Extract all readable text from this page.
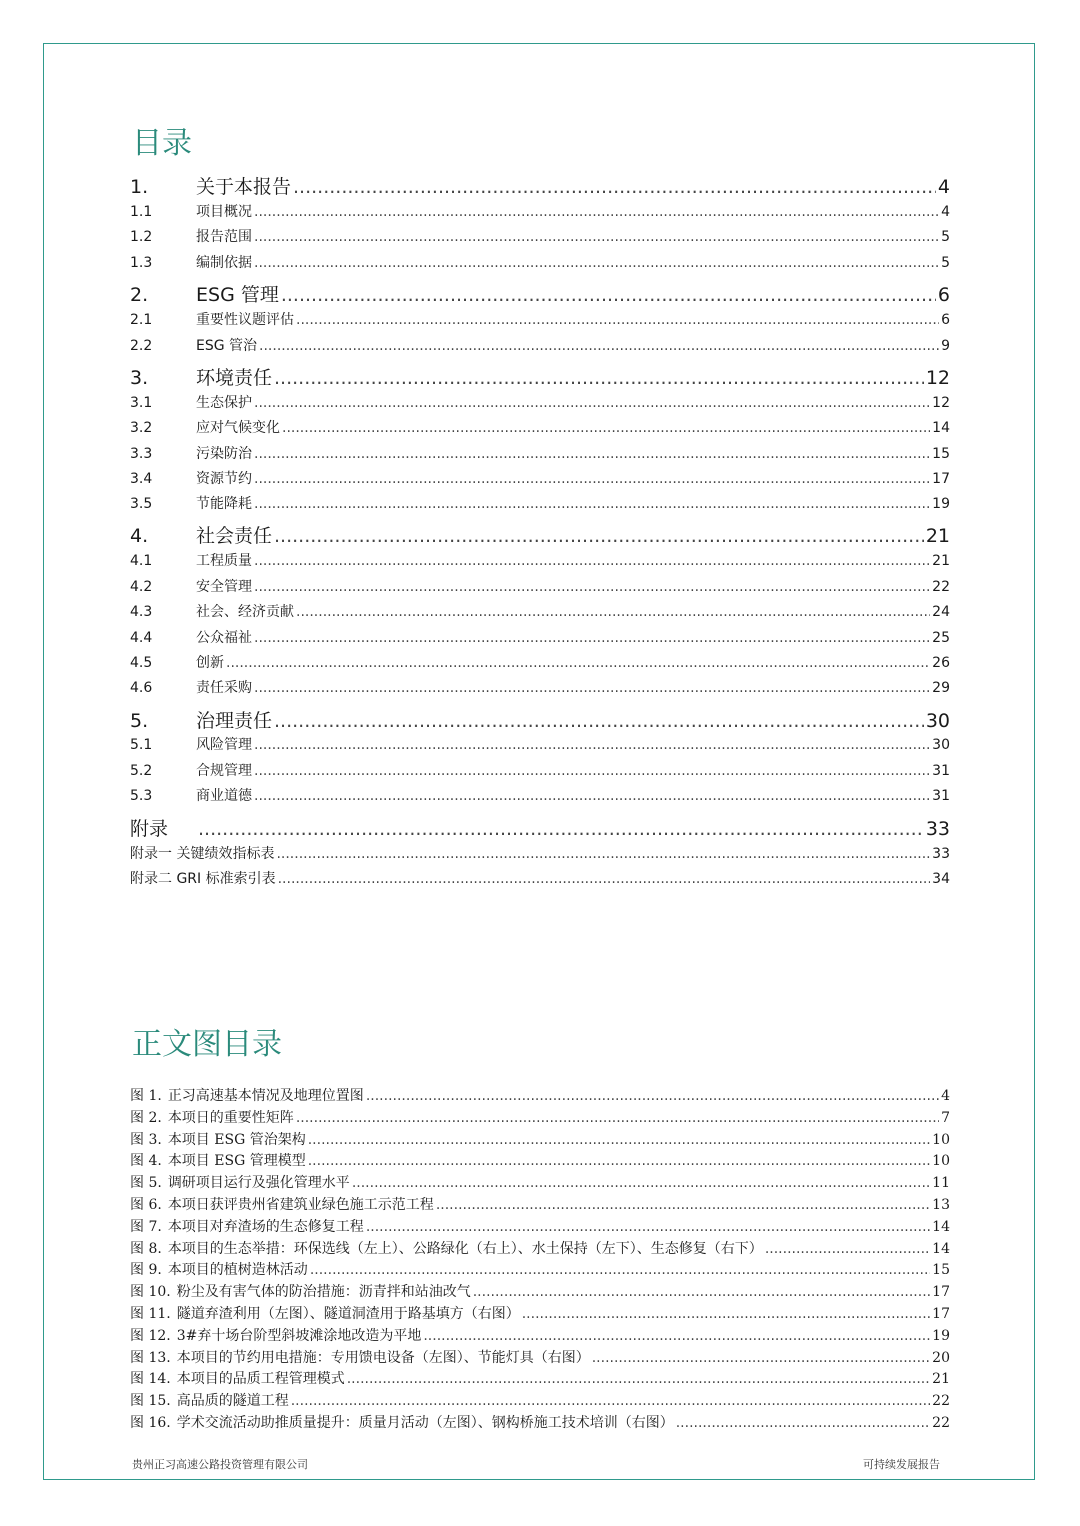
目录
1.	关于本报告 .....	4
1.1	项目概况 .....	4
1.2	报告范围 .....	5
1.3	编制依据 .....	5
2.	ESG 管理 .....	6
2.1	重要性议题评估 .....	6
2.2	ESG 管治 .....	9
3.	环境责任 .....	12
3.1	生态保护 .....	12
3.2	应对气候变化 .....	14
3.3	污染防治 .....	15
3.4	资源节约 .....	17
3.5	节能降耗 .....	19
4.	社会责任 .....	21
4.1	工程质量 .....	21
4.2	安全管理 .....	22
4.3	社会、经济贡献 .....	24
4.4	公众福祉 .....	25
4.5	创新 .....	26
4.6	责任采购 .....	29
5.	治理责任 .....	30
5.1	风险管理 .....	30
5.2	合规管理 .....	31
5.3	商业道德 .....	31
附录 .....	33
附录一 关键绩效指标表 .....	33
附录二 GRI 标准索引表 .....	34
正文图目录
图 1. 正习高速基本情况及地理位置图 .....	4
图 2. 本项日的重要性矩阵 .....	7
图 3. 本项目 ESG 管治架构 .....	10
图 4. 本项目 ESG 管理模型 .....	10
图 5. 调研项目运行及强化管理水平 .....	11
图 6. 本项日获评贵州省建筑业绿色施工示范工程 .....	13
图 7. 本项目对弃渣场的生态修复工程 .....	14
图 8. 本项目的生态举措：环保选线（左上）、公路绿化（右上）、水土保持（左下）、生态修复（右下） .....	14
图 9. 本项目的植树造林活动 .....	15
图 10. 粉尘及有害气体的防治措施：沥青拌和站油改气 .....	17
图 11. 隧道弃渣利用（左图）、隧道洞渣用于路基填方（右图） .....	17
图 12. 3#弃十场台阶型斜坡滩涂地改造为平地 .....	19
图 13. 本项目的节约用电措施：专用馈电设备（左图）、节能灯具（右图） .....	20
图 14. 本项目的品质工程管理模式 .....	21
图 15. 高品质的隧道工程 .....	22
图 16. 学术交流活动助推质量提升：质量月活动（左图）、钢构桥施工技术培训（右图） .....	22
贵州正习高速公路投资管理有限公司	可持续发展报告
